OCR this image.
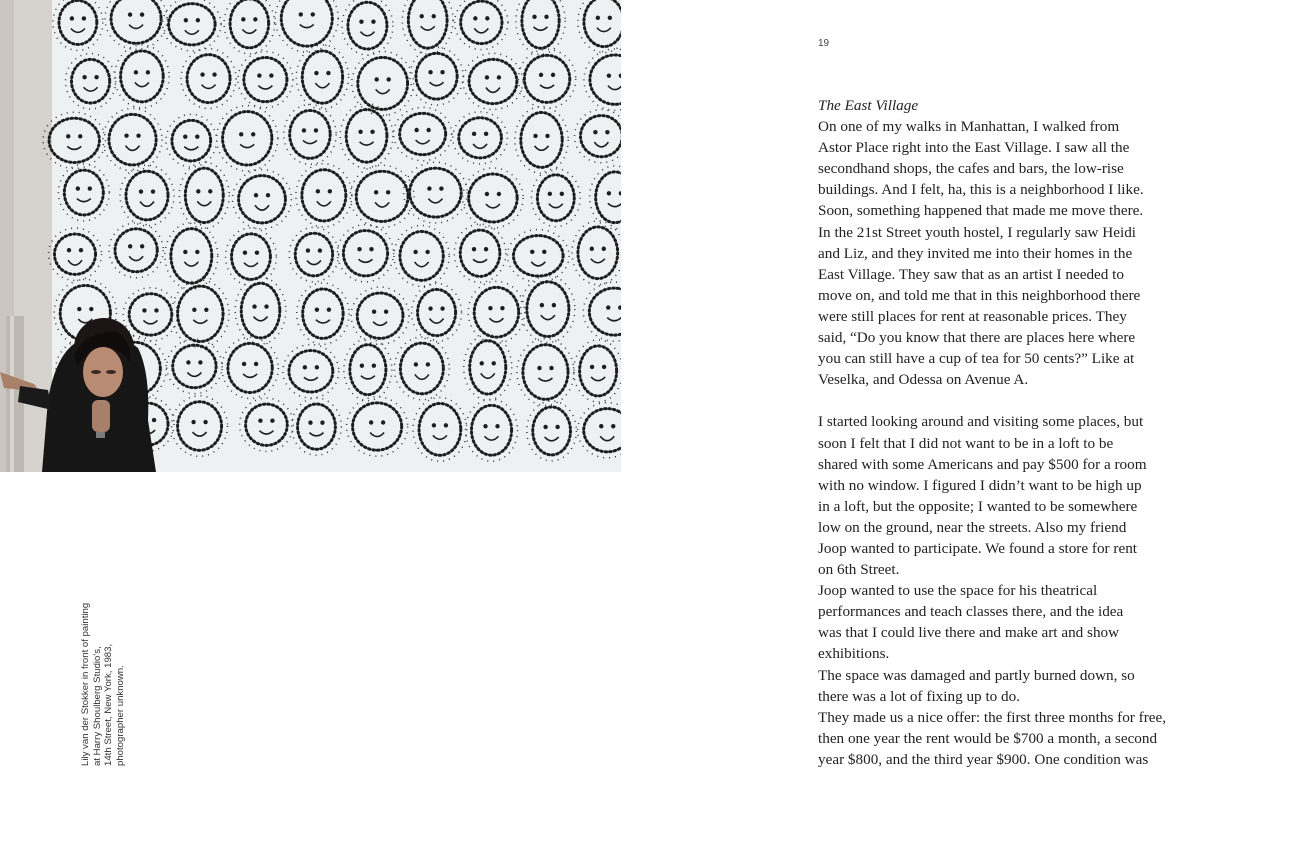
Lily van der Stokker in front of painting at Harry Shoulberg Studio's, 14th Street, New York, 1983, photographer unknown.
19
The East Village
On one of my walks in Manhattan, I walked from
Astor Place right into the East Village. I saw all the
secondhand shops, the cafes and bars, the low-rise
buildings. And I felt, ha, this is a neighborhood I like.
Soon, something happened that made me move there.
In the 21st Street youth hostel, I regularly saw Heidi
and Liz, and they invited me into their homes in the
East Village. They saw that as an artist I needed to
move on, and told me that in this neighborhood there
were still places for rent at reasonable prices. They
said, “Do you know that there are places here where
you can still have a cup of tea for 50 cents?” Like at
Veselka, and Odessa on Avenue A.
I started looking around and visiting some places, but
soon I felt that I did not want to be in a loft to be
shared with some Americans and pay $500 for a room
with no window. I figured I didn’t want to be high up
in a loft, but the opposite; I wanted to be somewhere
low on the ground, near the streets. Also my friend
Joop wanted to participate. We found a store for rent
on 6th Street.
Joop wanted to use the space for his theatrical
performances and teach classes there, and the idea
was that I could live there and make art and show
exhibitions.
The space was damaged and partly burned down, so
there was a lot of fixing up to do.
They made us a nice offer: the first three months for free,
then one year the rent would be $700 a month, a second
year $800, and the third year $900. One condition was
